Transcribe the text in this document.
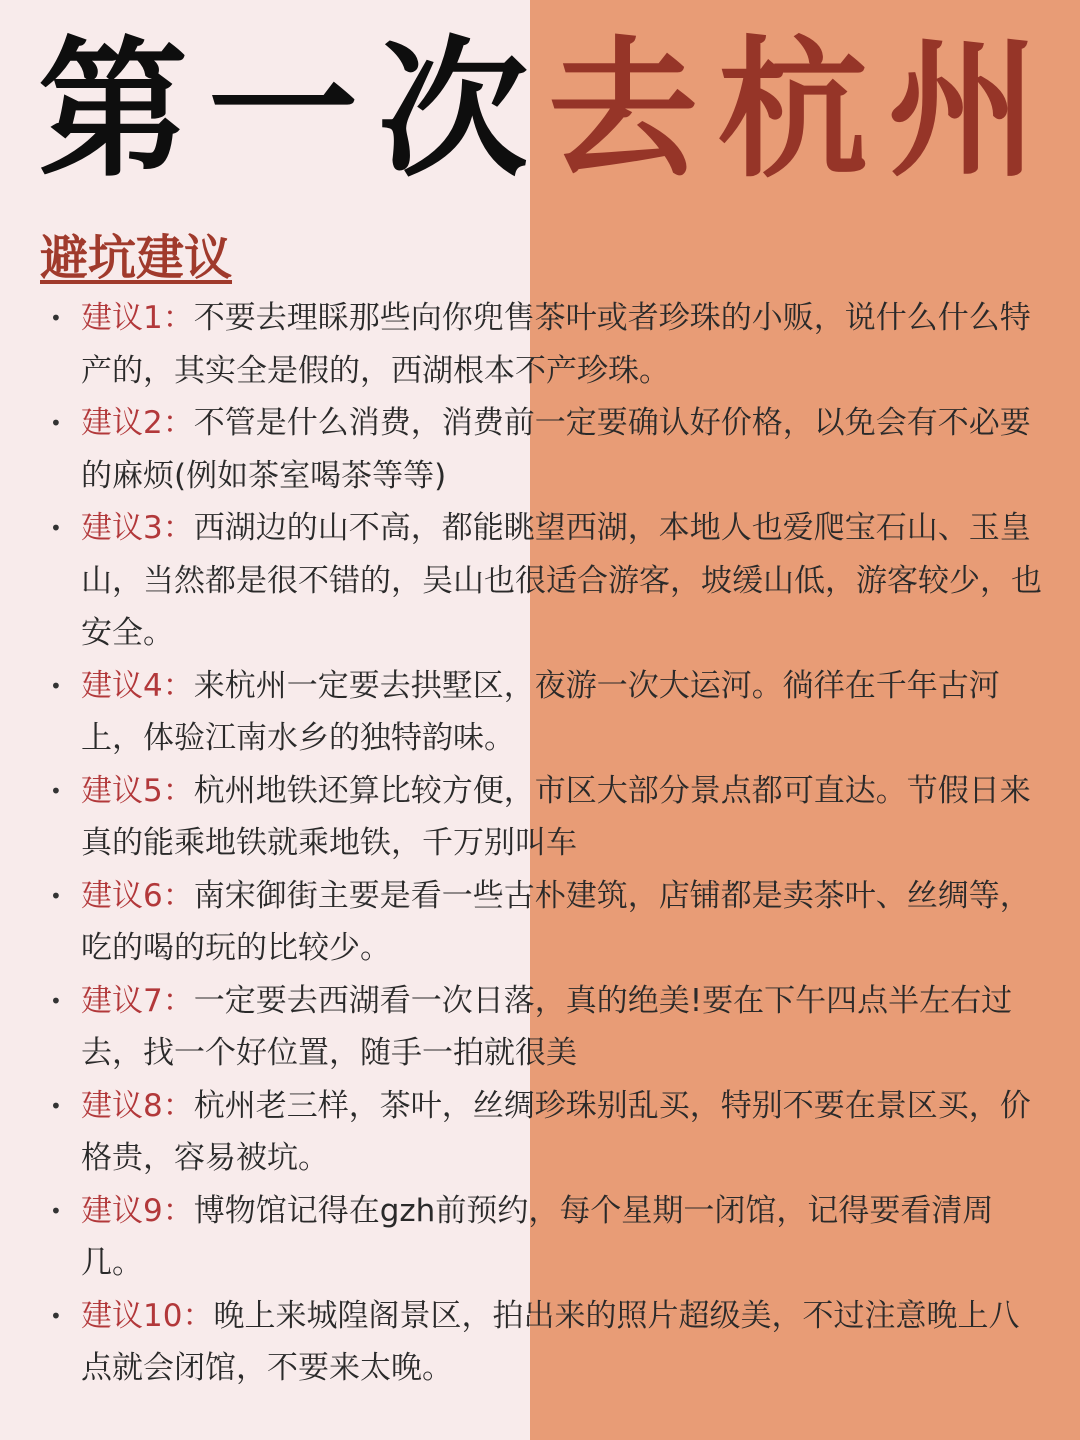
第 一 次 去 杭 州
避坑建议
• 建议1：不要去理睬那些向你兜售茶叶或者珍珠的小贩，说什么什么特产的，其实全是假的，西湖根本不产珍珠。
• 建议2：不管是什么消费，消费前一定要确认好价格，以免会有不必要的麻烦(例如茶室喝茶等等)
• 建议3：西湖边的山不高，都能眺望西湖，本地人也爱爬宝石山、玉皇山，当然都是很不错的，吴山也很适合游客，坡缓山低，游客较少，也安全。
• 建议4：来杭州一定要去拱墅区，夜游一次大运河。徜徉在千年古河上，体验江南水乡的独特韵味。
• 建议5：杭州地铁还算比较方便，市区大部分景点都可直达。节假日来真的能乘地铁就乘地铁，千万别叫车
• 建议6：南宋御街主要是看一些古朴建筑，店铺都是卖茶叶、丝绸等，吃的喝的玩的比较少。
• 建议7：一定要去西湖看一次日落，真的绝美!要在下午四点半左右过去，找一个好位置，随手一拍就很美
• 建议8：杭州老三样，茶叶，丝绸珍珠别乱买，特别不要在景区买，价格贵，容易被坑。
• 建议9：博物馆记得在gzh前预约，每个星期一闭馆，记得要看清周几。
• 建议10：晚上来城隍阁景区，拍出来的照片超级美，不过注意晚上八点就会闭馆，不要来太晚。
